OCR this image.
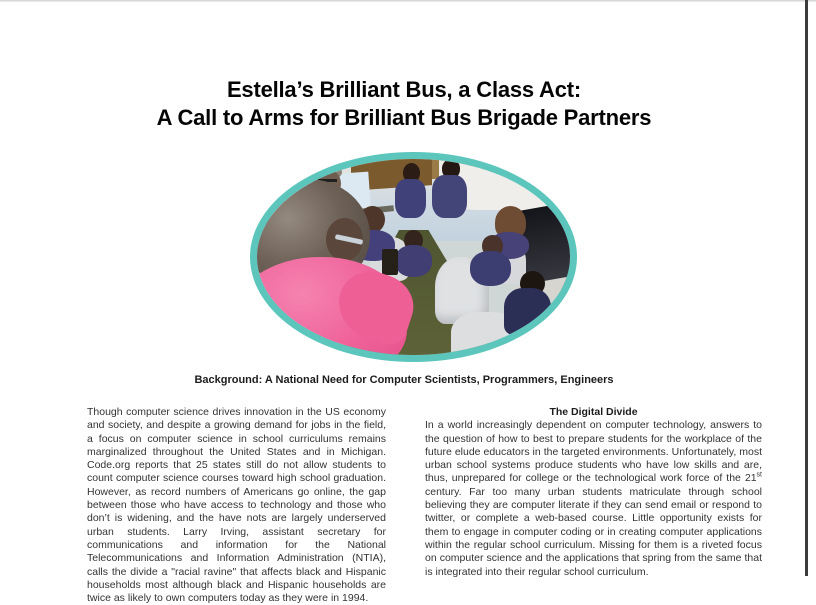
Estella’s Brilliant Bus, a Class Act:
A Call to Arms for Brilliant Bus Brigade Partners
Background: A National Need for Computer Scientists, Programmers, Engineers

Though computer science drives innovation in the US economy and society, and despite a growing demand for jobs in the field, a focus on computer science in school curriculums remains marginalized throughout the United States and in Michigan. Code.org reports that 25 states still do not allow students to count computer science courses toward high school graduation. However, as record numbers of Americans go online, the gap between those who have access to technology and those who don’t is widening, and the have nots are largely underserved urban students. Larry Irving, assistant secretary for communications and information for the National Telecommunications and Information Administration (NTIA), calls the divide a "racial ravine" that affects black and Hispanic households most although black and Hispanic households are twice as likely to own computers today as they were in 1994.

The Digital Divide

In a world increasingly dependent on computer technology, answers to the question of how to best to prepare students for the workplace of the future elude educators in the targeted environments. Unfortunately, most urban school systems produce students who have low skills and are, thus, unprepared for college or the technological work force of the 21st century. Far too many urban students matriculate through school believing they are computer literate if they can send email or respond to twitter, or complete a web-based course. Little opportunity exists for them to engage in computer coding or in creating computer applications within the regular school curriculum. Missing for them is a riveted focus on computer science and the applications that spring from the same that is integrated into their regular school curriculum.
